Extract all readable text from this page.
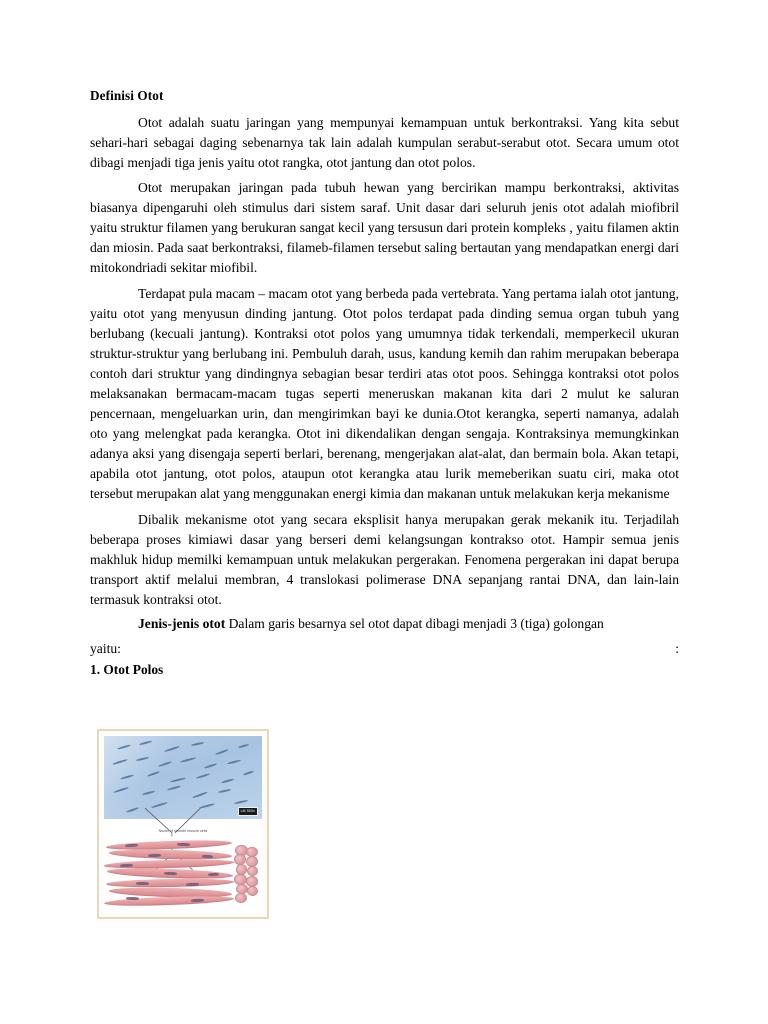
Definisi Otot

Otot adalah suatu jaringan yang mempunyai kemampuan untuk berkontraksi. Yang kita sebut sehari-hari sebagai daging sebenarnya tak lain adalah kumpulan serabut-serabut otot. Secara umum otot dibagi menjadi tiga jenis yaitu otot rangka, otot jantung dan otot polos.

Otot merupakan jaringan pada tubuh hewan yang bercirikan mampu berkontraksi, aktivitas biasanya dipengaruhi oleh stimulus dari sistem saraf. Unit dasar dari seluruh jenis otot adalah miofibril yaitu struktur filamen yang berukuran sangat kecil yang tersusun dari protein kompleks , yaitu filamen aktin dan miosin. Pada saat berkontraksi, filameb-filamen tersebut saling bertautan yang mendapatkan energi dari mitokondriadi sekitar miofibil.

Terdapat pula macam – macam otot yang berbeda pada vertebrata. Yang pertama ialah otot jantung, yaitu otot yang menyusun dinding jantung. Otot polos terdapat pada dinding semua organ tubuh yang berlubang (kecuali jantung). Kontraksi otot polos yang umumnya tidak terkendali, memperkecil ukuran struktur-struktur yang berlubang ini. Pembuluh darah, usus, kandung kemih dan rahim merupakan beberapa contoh dari struktur yang dindingnya sebagian besar terdiri atas otot poos. Sehingga kontraksi otot polos melaksanakan bermacam-macam tugas seperti meneruskan makanan kita dari 2 mulut ke saluran pencernaan, mengeluarkan urin, dan mengirimkan bayi ke dunia.Otot kerangka, seperti namanya, adalah oto yang melengkat pada kerangka. Otot ini dikendalikan dengan sengaja. Kontraksinya memungkinkan adanya aksi yang disengaja seperti berlari, berenang, mengerjakan alat-alat, dan bermain bola. Akan tetapi, apabila otot jantung, otot polos, ataupun otot kerangka atau lurik memeberikan suatu ciri, maka otot tersebut merupakan alat yang menggunakan energi kimia dan makanan untuk melakukan kerja mekanisme

Dibalik mekanisme otot yang secara eksplisit hanya merupakan gerak mekanik itu. Terjadilah beberapa proses kimiawi dasar yang berseri demi kelangsungan kontrakso otot. Hampir semua jenis makhluk hidup memilki kemampuan untuk melakukan pergerakan. Fenomena pergerakan ini dapat berupa transport aktif melalui membran, 4 translokasi polimerase DNA sepanjang rantai DNA, dan lain-lain termasuk kontraksi otot.

Jenis-jenis otot Dalam garis besarnya sel otot dapat dibagi menjadi 3 (tiga) golongan

yaitu:	:

1. Otot Polos
LM 500x
Nuclei of smooth muscle cells
